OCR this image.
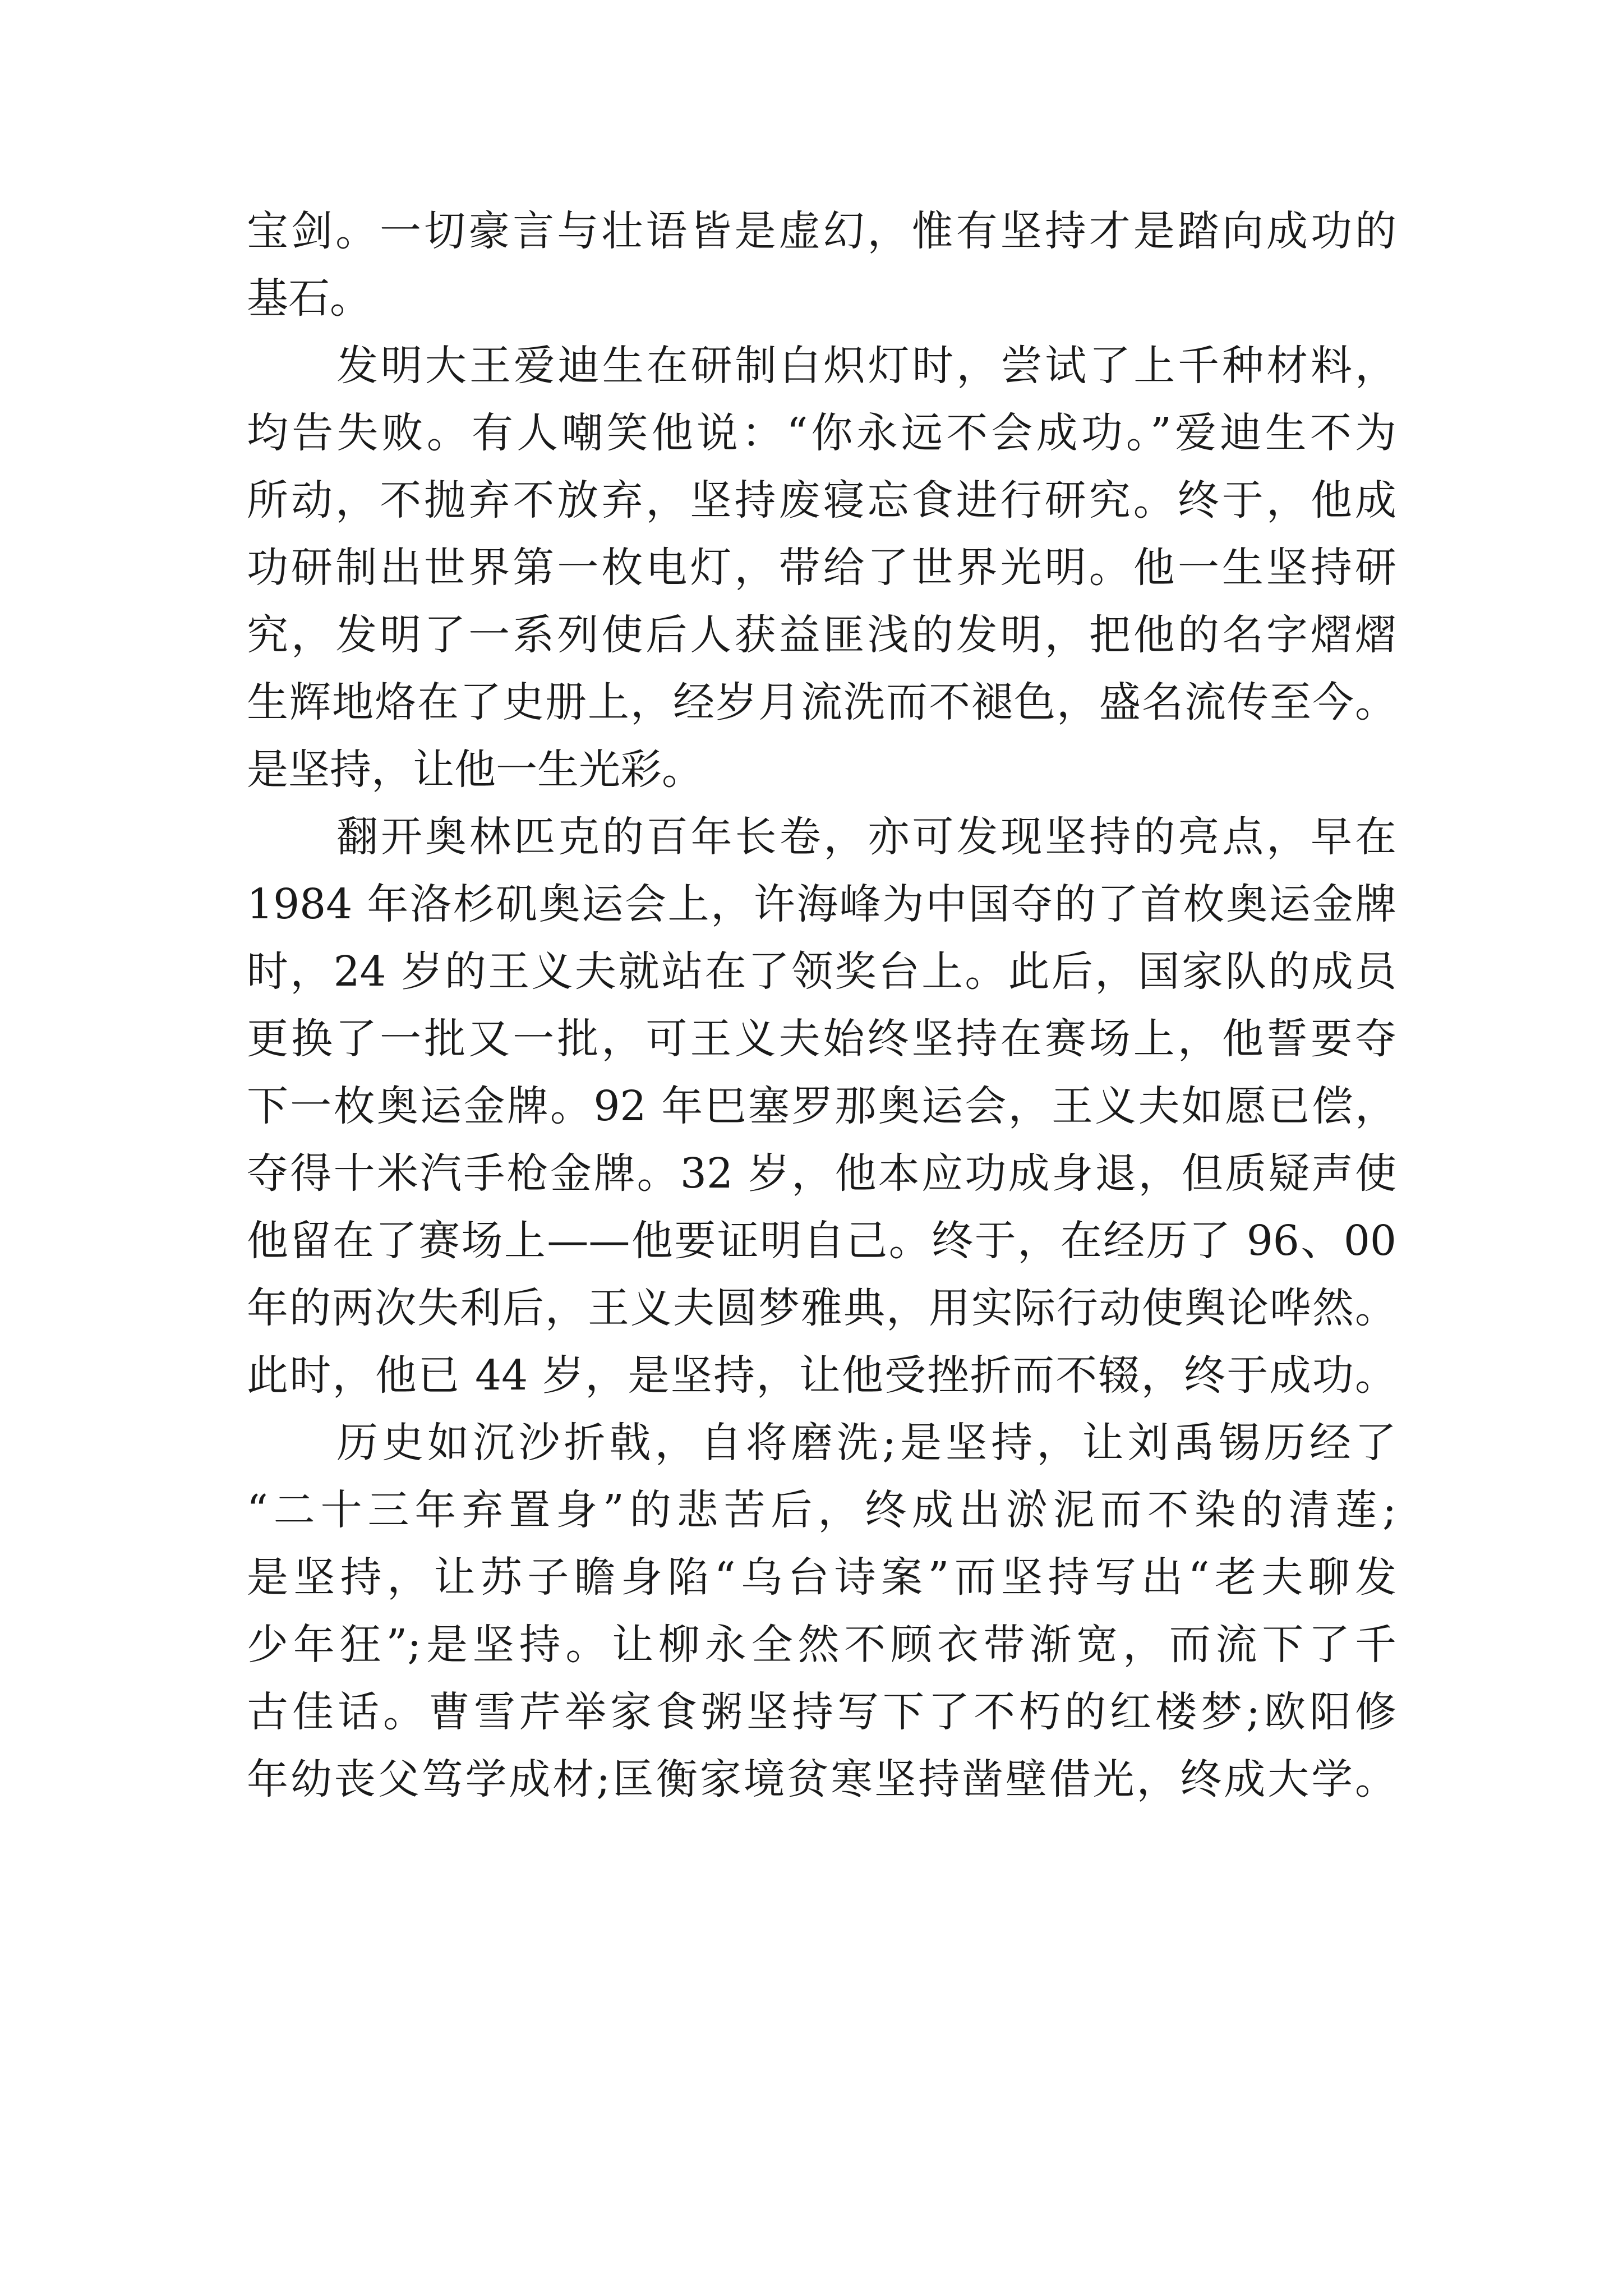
宝剑。一切豪言与壮语皆是虚幻，惟有坚持才是踏向成功的
基石。
发明大王爱迪生在研制白炽灯时，尝试了上千种材料，
均告失败。有人嘲笑他说：“你永远不会成功。”爱迪生不为
所动，不抛弃不放弃，坚持废寝忘食进行研究。终于，他成
功研制出世界第一枚电灯，带给了世界光明。他一生坚持研
究，发明了一系列使后人获益匪浅的发明，把他的名字熠熠
生辉地烙在了史册上，经岁月流洗而不褪色，盛名流传至今。
是坚持，让他一生光彩。
翻开奥林匹克的百年长卷，亦可发现坚持的亮点，早在
1984 年洛杉矶奥运会上，许海峰为中国夺的了首枚奥运金牌
时，24 岁的王义夫就站在了领奖台上。此后，国家队的成员
更换了一批又一批，可王义夫始终坚持在赛场上，他誓要夺
下一枚奥运金牌。92 年巴塞罗那奥运会，王义夫如愿已偿，
夺得十米汽手枪金牌。32 岁，他本应功成身退，但质疑声使
他留在了赛场上——他要证明自己。终于，在经历了 96、00
年的两次失利后，王义夫圆梦雅典，用实际行动使舆论哗然。
此时，他已 44 岁，是坚持，让他受挫折而不辍，终于成功。
历史如沉沙折戟，自将磨洗;是坚持，让刘禹锡历经了
“二十三年弃置身”的悲苦后，终成出淤泥而不染的清莲;
是坚持，让苏子瞻身陷“乌台诗案”而坚持写出“老夫聊发
少年狂”;是坚持。让柳永全然不顾衣带渐宽，而流下了千
古佳话。曹雪芹举家食粥坚持写下了不朽的红楼梦;欧阳修
年幼丧父笃学成材;匡衡家境贫寒坚持凿壁借光，终成大学。
